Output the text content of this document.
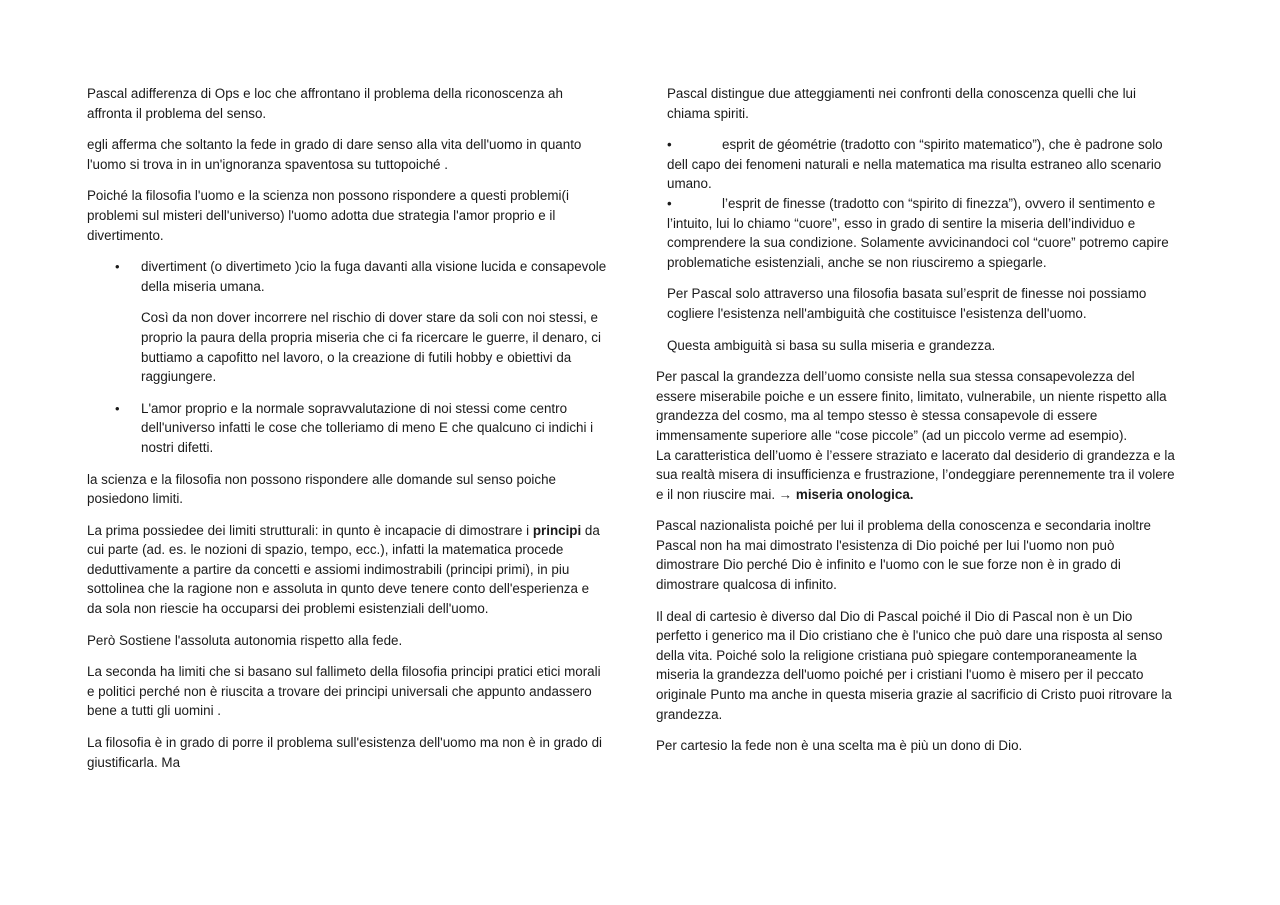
Pascal adifferenza di Ops e loc che affrontano il problema della riconoscenza ah affronta il problema del senso.

egli afferma che soltanto la fede in grado di dare senso alla vita dell'uomo in quanto l'uomo si trova in in un'ignoranza spaventosa su tuttopoiché .

Poiché la filosofia l'uomo e la scienza non possono rispondere a questi problemi(i problemi sul misteri dell'universo) l'uomo adotta due strategia l'amor proprio e il divertimento.

• divertiment (o divertimeto )cio la fuga davanti alla visione lucida e consapevole della miseria umana.
Così da non dover incorrere nel rischio di dover stare da soli con noi stessi, e proprio la paura della propria miseria che ci fa ricercare le guerre, il denaro, ci buttiamo a capofitto nel lavoro, o la creazione di futili hobby e obiettivi da raggiungere.
• L'amor proprio e la normale sopravvalutazione di noi stessi come centro dell'universo infatti le cose che tolleriamo di meno E che qualcuno ci indichi i nostri difetti.

la scienza e la filosofia non possono rispondere alle domande sul senso poiche posiedono limiti.

La prima possiedee dei limiti strutturali: in qunto è incapacie di dimostrare i principi da cui parte (ad. es. le nozioni di spazio, tempo, ecc.), infatti la matematica procede deduttivamente a partire da concetti e assiomi indimostrabili (principi primi), in piu sottolinea che la ragione non e assoluta in qunto deve tenere conto dell'esperienza e da sola non riescie ha occuparsi dei problemi esistenziali dell'uomo.

Però Sostiene l'assoluta autonomia rispetto alla fede.

La seconda ha limiti che si basano sul fallimeto della filosofia principi pratici etici morali e politici perché non è riuscita a trovare dei principi universali che appunto andassero bene a tutti gli uomini .

La filosofia è in grado di porre il problema sull'esistenza dell'uomo ma non è in grado di giustificarla. Ma

Pascal distingue due atteggiamenti nei confronti della conoscenza quelli che lui chiama spiriti.

•	esprit de géométrie (tradotto con “spirito matematico”), che è padrone solo dell capo dei fenomeni naturali e nella matematica ma risulta estraneo allo scenario umano.
•	l’esprit de finesse (tradotto con “spirito di finezza”), ovvero il sentimento e l’intuito, lui lo chiamo “cuore”, esso in grado di sentire la miseria dell’individuo e comprendere la sua condizione. Solamente avvicinandoci col “cuore” potremo capire problematiche esistenziali, anche se non riusciremo a spiegarle.

Per Pascal solo attraverso una filosofia basata sul’esprit de finesse noi possiamo cogliere l'esistenza nell'ambiguità che costituisce l'esistenza dell'uomo.

Questa ambiguità si basa su sulla miseria e grandezza.

Per pascal la grandezza dell’uomo consiste nella sua stessa consapevolezza del essere miserabile poiche e un essere finito, limitato, vulnerabile, un niente rispetto alla grandezza del cosmo, ma al tempo stesso è stessa consapevole di essere immensamente superiore alle “cose piccole” (ad un piccolo verme ad esempio).
La caratteristica dell’uomo è l’essere straziato e lacerato dal desiderio di grandezza e la sua realtà misera di insufficienza e frustrazione, l’ondeggiare perennemente tra il volere e il non riuscire mai. → miseria onologica.

Pascal nazionalista poiché per lui il problema della conoscenza e secondaria inoltre Pascal non ha mai dimostrato l'esistenza di Dio poiché per lui l'uomo non può dimostrare Dio perché Dio è infinito e l'uomo con le sue forze non è in grado di dimostrare qualcosa di infinito.

Il deal di cartesio è diverso dal Dio di Pascal poiché il Dio di Pascal non è un Dio perfetto i generico ma il Dio cristiano che è l'unico che può dare una risposta al senso della vita. Poiché solo la religione cristiana può spiegare contemporaneamente la miseria la grandezza dell'uomo poiché per i cristiani l'uomo è misero per il peccato originale Punto ma anche in questa miseria grazie al sacrificio di Cristo puoi ritrovare la grandezza.

Per cartesio la fede non è una scelta ma è più un dono di Dio.
